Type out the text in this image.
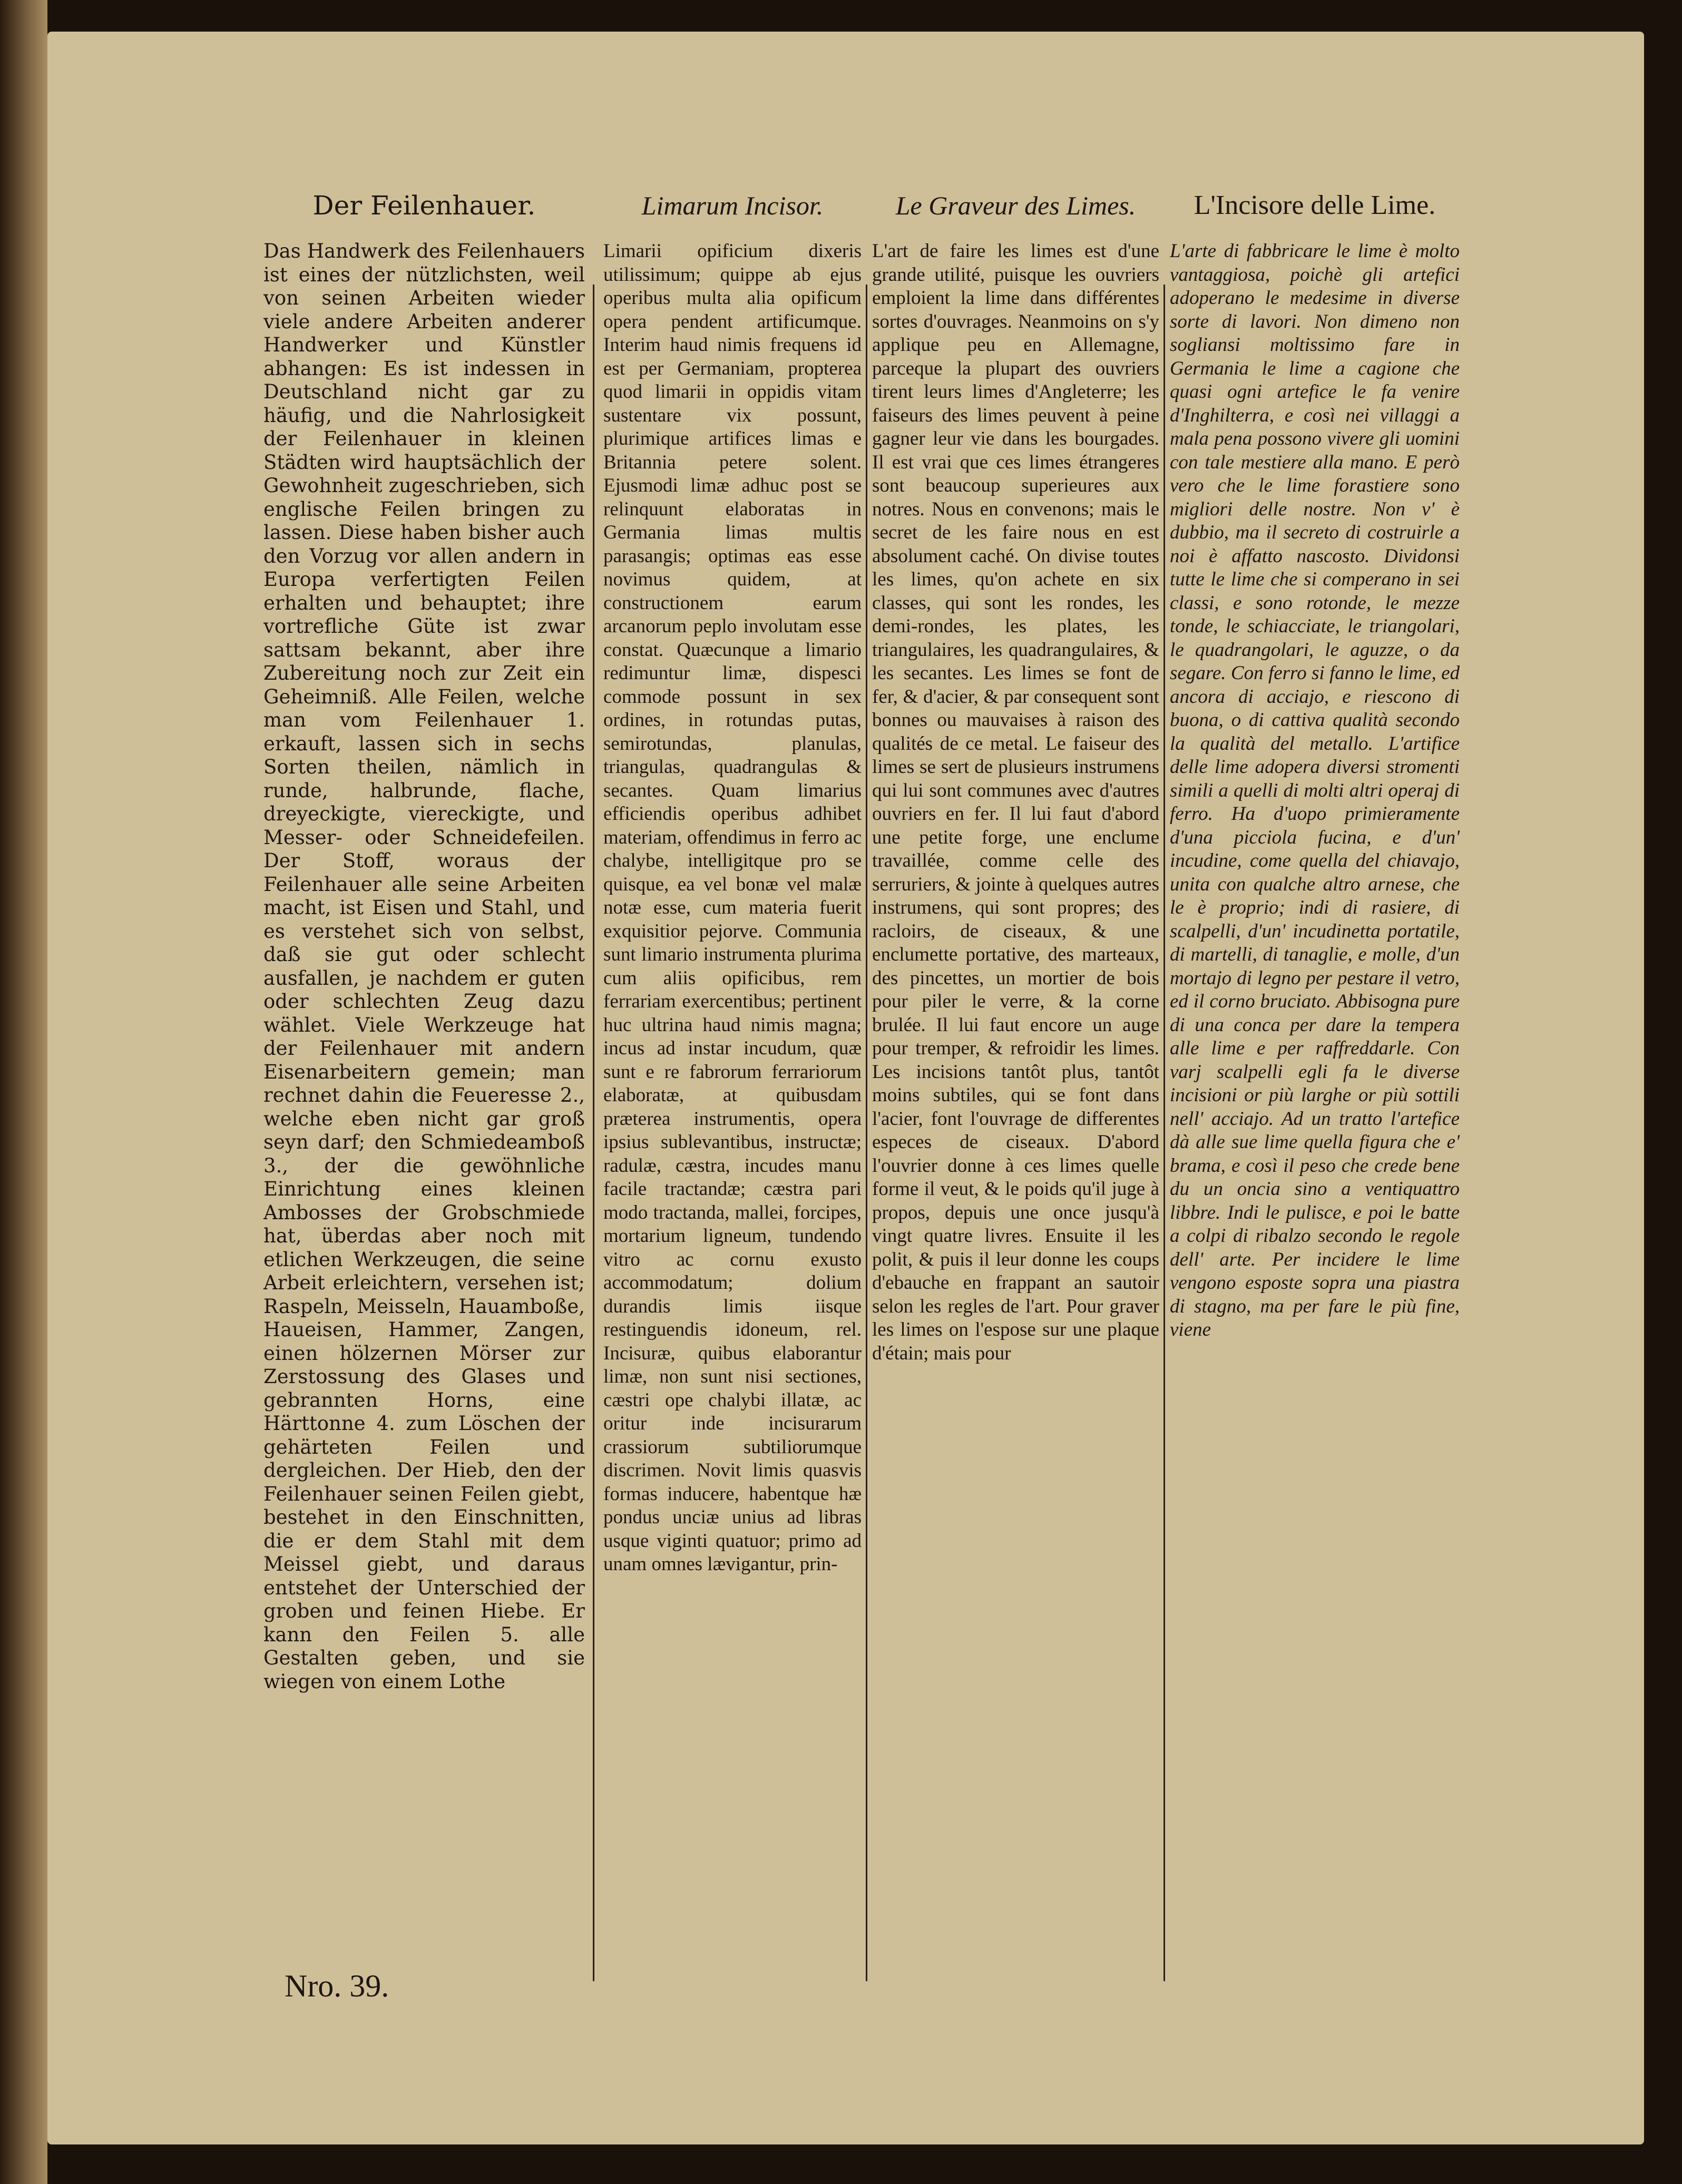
Der Feilenhauer.

Das Handwerk des Feilenhauers ist eines der nützlichsten, weil von seinen Arbeiten wieder viele andere Arbeiten anderer Handwerker und Künstler abhangen: Es ist indessen in Deutschland nicht gar zu häufig, und die Nahrlosigkeit der Feilenhauer in kleinen Städten wird hauptsächlich der Gewohnheit zugeschrieben, sich englische Feilen bringen zu lassen. Diese haben bisher auch den Vorzug vor allen andern in Europa verfertigten Feilen erhalten und behauptet; ihre vortrefliche Güte ist zwar sattsam bekannt, aber ihre Zubereitung noch zur Zeit ein Geheimniß. Alle Feilen, welche man vom Feilenhauer 1. erkauft, lassen sich in sechs Sorten theilen, nämlich in runde, halbrunde, flache, dreyeckigte, viereckigte, und Messer- oder Schneidefeilen. Der Stoff, woraus der Feilenhauer alle seine Arbeiten macht, ist Eisen und Stahl, und es verstehet sich von selbst, daß sie gut oder schlecht ausfallen, je nachdem er guten oder schlechten Zeug dazu wählet. Viele Werkzeuge hat der Feilenhauer mit andern Eisenarbeitern gemein; man rechnet dahin die Feueresse 2., welche eben nicht gar groß seyn darf; den Schmiedeamboß 3., der die gewöhnliche Einrichtung eines kleinen Ambosses der Grobschmiede hat, überdas aber noch mit etlichen Werkzeugen, die seine Arbeit erleichtern, versehen ist; Raspeln, Meisseln, Hauamboße, Haueisen, Hammer, Zangen, einen hölzernen Mörser zur Zerstossung des Glases und gebrannten Horns, eine Härttonne 4. zum Löschen der gehärteten Feilen und dergleichen. Der Hieb, den der Feilenhauer seinen Feilen giebt, bestehet in den Einschnitten, die er dem Stahl mit dem Meissel giebt, und daraus entstehet der Unterschied der groben und feinen Hiebe. Er kann den Feilen 5. alle Gestalten geben, und sie wiegen von einem Lothe

Limarum Incisor.

Limarii opificium dixeris utilissimum; quippe ab ejus operibus multa alia opificum opera pendent artificumque. Interim haud nimis frequens id est per Germaniam, propterea quod limarii in oppidis vitam sustentare vix possunt, plurimique artifices limas e Britannia petere solent. Ejusmodi limæ adhuc post se relinquunt elaboratas in Germania limas multis parasangis; optimas eas esse novimus quidem, at constructionem earum arcanorum peplo involutam esse constat. Quæcunque a limario redimuntur limæ, dispesci commode possunt in sex ordines, in rotundas putas, semirotundas, planulas, triangulas, quadrangulas & secantes. Quam limarius efficiendis operibus adhibet materiam, offendimus in ferro ac chalybe, intelligitque pro se quisque, ea vel bonæ vel malæ notæ esse, cum materia fuerit exquisitior pejorve. Communia sunt limario instrumenta plurima cum aliis opificibus, rem ferrariam exercentibus; pertinent huc ultrina haud nimis magna; incus ad instar incudum, quæ sunt e re fabrorum ferrariorum elaboratæ, at quibusdam præterea instrumentis, opera ipsius sublevantibus, instructæ; radulæ, cæstra, incudes manu facile tractandæ; cæstra pari modo tractanda, mallei, forcipes, mortarium ligneum, tundendo vitro ac cornu exusto accommodatum; dolium durandis limis iisque restinguendis idoneum, rel. Incisuræ, quibus elaborantur limæ, non sunt nisi sectiones, cæstri ope chalybi illatæ, ac oritur inde incisurarum crassiorum subtiliorumque discrimen. Novit limis quasvis formas inducere, habentque hæ pondus unciæ unius ad libras usque viginti quatuor; primo ad unam omnes lævigantur, prin-

Le Graveur des Limes.

L'art de faire les limes est d'une grande utilité, puisque les ouvriers emploient la lime dans différentes sortes d'ouvrages. Neanmoins on s'y applique peu en Allemagne, parceque la plupart des ouvriers tirent leurs limes d'Angleterre; les faiseurs des limes peuvent à peine gagner leur vie dans les bourgades. Il est vrai que ces limes étrangeres sont beaucoup superieures aux notres. Nous en convenons; mais le secret de les faire nous en est absolument caché. On divise toutes les limes, qu'on achete en six classes, qui sont les rondes, les demi-rondes, les plates, les triangulaires, les quadrangulaires, & les secantes. Les limes se font de fer, & d'acier, & par consequent sont bonnes ou mauvaises à raison des qualités de ce metal. Le faiseur des limes se sert de plusieurs instrumens qui lui sont communes avec d'autres ouvriers en fer. Il lui faut d'abord une petite forge, une enclume travaillée, comme celle des serruriers, & jointe à quelques autres instrumens, qui sont propres; des racloirs, de ciseaux, & une enclumette portative, des marteaux, des pincettes, un mortier de bois pour piler le verre, & la corne brulée. Il lui faut encore un auge pour tremper, & refroidir les limes. Les incisions tantôt plus, tantôt moins subtiles, qui se font dans l'acier, font l'ouvrage de differentes especes de ciseaux. D'abord l'ouvrier donne à ces limes quelle forme il veut, & le poids qu'il juge à propos, depuis une once jusqu'à vingt quatre livres. Ensuite il les polit, & puis il leur donne les coups d'ebauche en frappant an sautoir selon les regles de l'art. Pour graver les limes on l'espose sur une plaque d'étain; mais pour

L'Incisore delle Lime.

L'arte di fabbricare le lime è molto vantaggiosa, poichè gli artefici adoperano le medesime in diverse sorte di lavori. Non dimeno non sogliansi moltissimo fare in Germania le lime a cagione che quasi ogni artefice le fa venire d'Inghilterra, e così nei villaggi a mala pena possono vivere gli uomini con tale mestiere alla mano. E però vero che le lime forastiere sono migliori delle nostre. Non v' è dubbio, ma il secreto di costruirle a noi è affatto nascosto. Dividonsi tutte le lime che si comperano in sei classi, e sono rotonde, le mezze tonde, le schiacciate, le triangolari, le quadrangolari, le aguzze, o da segare. Con ferro si fanno le lime, ed ancora di acciajo, e riescono di buona, o di cattiva qualità secondo la qualità del metallo. L'artifice delle lime adopera diversi stromenti simili a quelli di molti altri operaj di ferro. Ha d'uopo primieramente d'una picciola fucina, e d'un' incudine, come quella del chiavajo, unita con qualche altro arnese, che le è proprio; indi di rasiere, di scalpelli, d'un' incudinetta portatile, di martelli, di tanaglie, e molle, d'un mortajo di legno per pestare il vetro, ed il corno bruciato. Abbisogna pure di una conca per dare la tempera alle lime e per raffreddarle. Con varj scalpelli egli fa le diverse incisioni or più larghe or più sottili nell' acciajo. Ad un tratto l'artefice dà alle sue lime quella figura che e' brama, e così il peso che crede bene du un oncia sino a ventiquattro libbre. Indi le pulisce, e poi le batte a colpi di ribalzo secondo le regole dell' arte. Per incidere le lime vengono esposte sopra una piastra di stagno, ma per fare le più fine, viene

Nro. 39.
